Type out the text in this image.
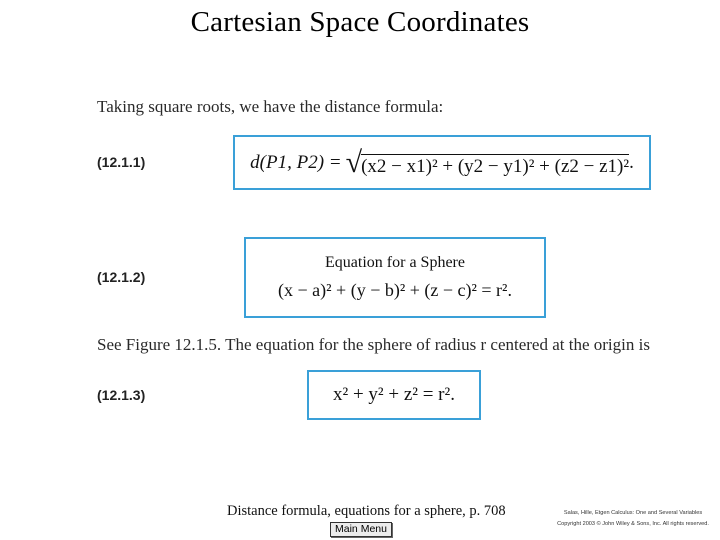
Cartesian Space Coordinates
Taking square roots, we have the distance formula:
(12.1.1)	d(P1, P2) = √ (x2 − x1)² + (y2 − y1)² + (z2 − z1)² .
(12.1.2)
Equation for a Sphere
(x − a)² + (y − b)² + (z − c)² = r².
See Figure 12.1.5. The equation for the sphere of radius r centered at the origin is
(12.1.3)	x² + y² + z² = r².
Distance formula, equations for a sphere, p. 708
Main Menu
Salas, Hille, Etgen Calculus: One and Several Variables
Copyright 2003 © John Wiley & Sons, Inc. All rights reserved.
